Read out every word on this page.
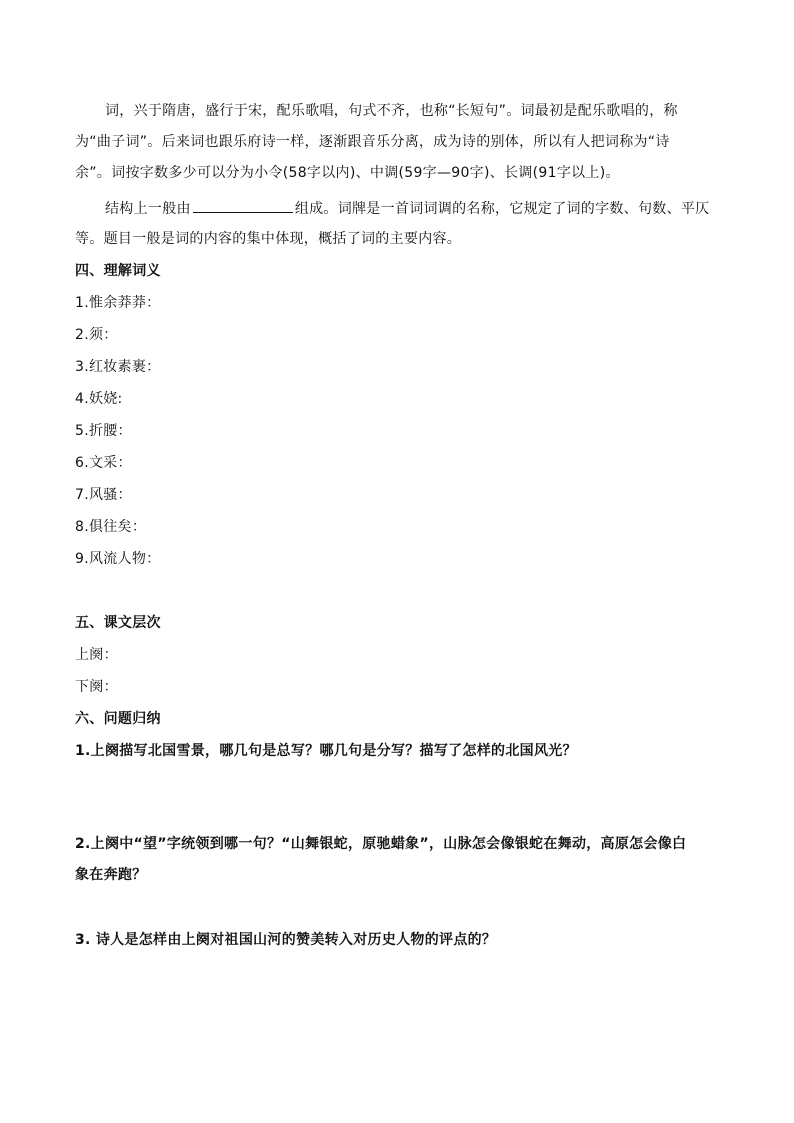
词，兴于隋唐，盛行于宋，配乐歌唱，句式不齐，也称“长短句”。词最初是配乐歌唱的，称
为“曲子词”。后来词也跟乐府诗一样，逐渐跟音乐分离，成为诗的别体，所以有人把词称为“诗
余”。词按字数多少可以分为小令(58字以内)、中调(59字—90字)、长调(91字以上)。
结构上一般由	组成。词牌是一首词词调的名称，它规定了词的字数、句数、平仄
等。题目一般是词的内容的集中体现，概括了词的主要内容。
四、理解词义
1.惟余莽莽：
2.须：
3.红妆素裹：
4.妖娆:
5.折腰：
6.文采：
7.风骚：
8.俱往矣：
9.风流人物：
五、课文层次
上阕：
下阕：
六、问题归纳
1.上阕描写北国雪景，哪几句是总写？哪几句是分写？描写了怎样的北国风光？
2.上阕中“望”字统领到哪一句？“山舞银蛇，原驰蜡象”，山脉怎会像银蛇在舞动，高原怎会像白
象在奔跑？
3. 诗人是怎样由上阕对祖国山河的赞美转入对历史人物的评点的？
